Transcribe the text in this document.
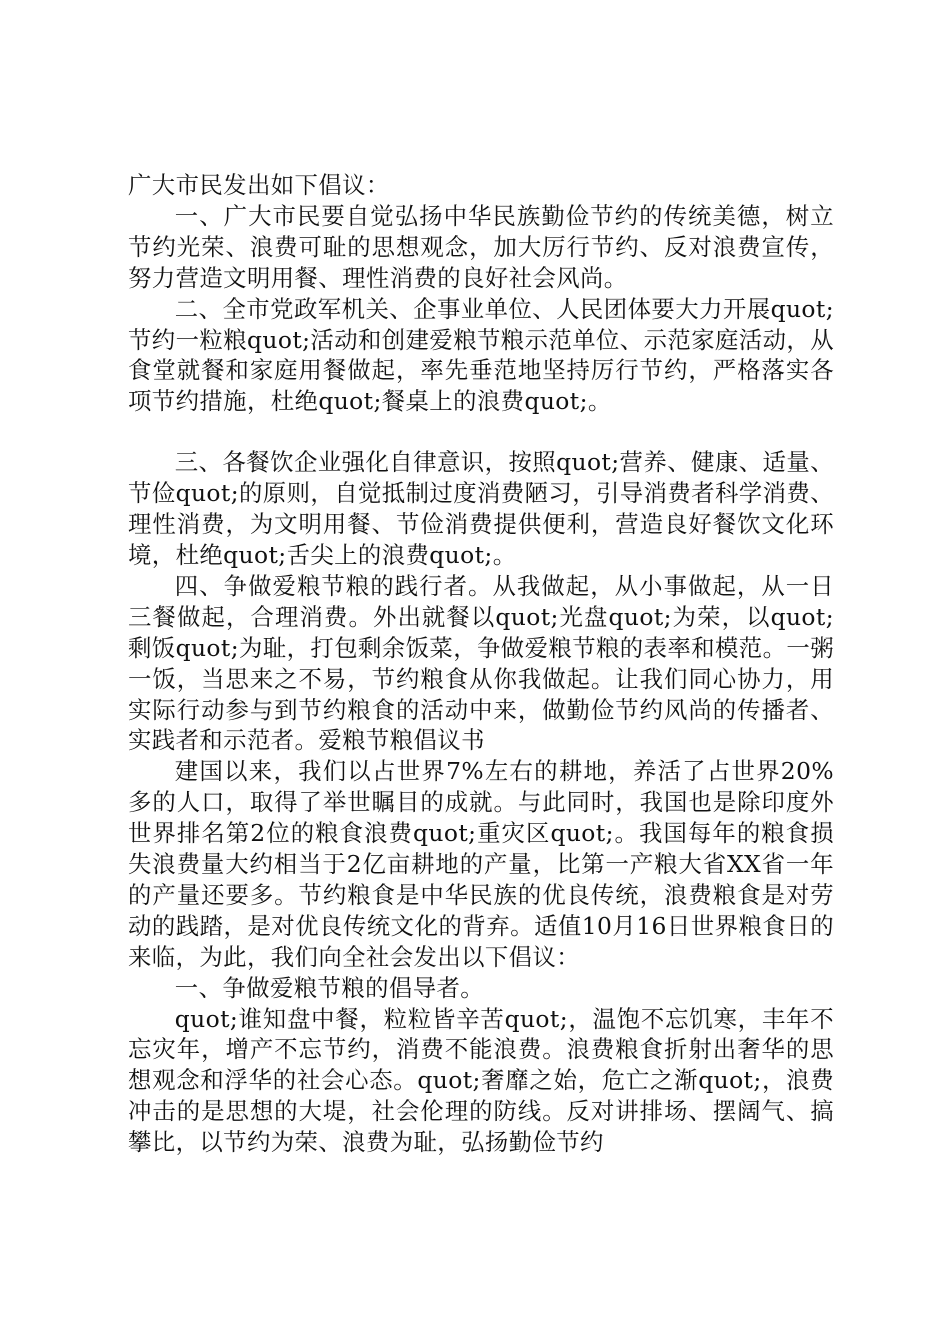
广大市民发出如下倡议：

一、广大市民要自觉弘扬中华民族勤俭节约的传统美德，树立节约光荣、浪费可耻的思想观念，加大厉行节约、反对浪费宣传，努力营造文明用餐、理性消费的良好社会风尚。

二、全市党政军机关、企事业单位、人民团体要大力开展quot;节约一粒粮quot;活动和创建爱粮节粮示范单位、示范家庭活动，从食堂就餐和家庭用餐做起，率先垂范地坚持厉行节约，严格落实各项节约措施，杜绝quot;餐桌上的浪费quot;。

三、各餐饮企业强化自律意识，按照quot;营养、健康、适量、节俭quot;的原则，自觉抵制过度消费陋习，引导消费者科学消费、理性消费，为文明用餐、节俭消费提供便利，营造良好餐饮文化环境，杜绝quot;舌尖上的浪费quot;。

四、争做爱粮节粮的践行者。从我做起，从小事做起，从一日三餐做起，合理消费。外出就餐以quot;光盘quot;为荣，以quot;剩饭quot;为耻，打包剩余饭菜，争做爱粮节粮的表率和模范。一粥一饭，当思来之不易，节约粮食从你我做起。让我们同心协力，用实际行动参与到节约粮食的活动中来，做勤俭节约风尚的传播者、实践者和示范者。爱粮节粮倡议书

建国以来，我们以占世界7%左右的耕地，养活了占世界20%多的人口，取得了举世瞩目的成就。与此同时，我国也是除印度外世界排名第2位的粮食浪费quot;重灾区quot;。我国每年的粮食损失浪费量大约相当于2亿亩耕地的产量，比第一产粮大省XX省一年的产量还要多。节约粮食是中华民族的优良传统，浪费粮食是对劳动的践踏，是对优良传统文化的背弃。适值10月16日世界粮食日的来临，为此，我们向全社会发出以下倡议：

一、争做爱粮节粮的倡导者。

quot;谁知盘中餐，粒粒皆辛苦quot;，温饱不忘饥寒，丰年不忘灾年，增产不忘节约，消费不能浪费。浪费粮食折射出奢华的思想观念和浮华的社会心态。quot;奢靡之始，危亡之渐quot;，浪费冲击的是思想的大堤，社会伦理的防线。反对讲排场、摆阔气、搞攀比，以节约为荣、浪费为耻，弘扬勤俭节约
